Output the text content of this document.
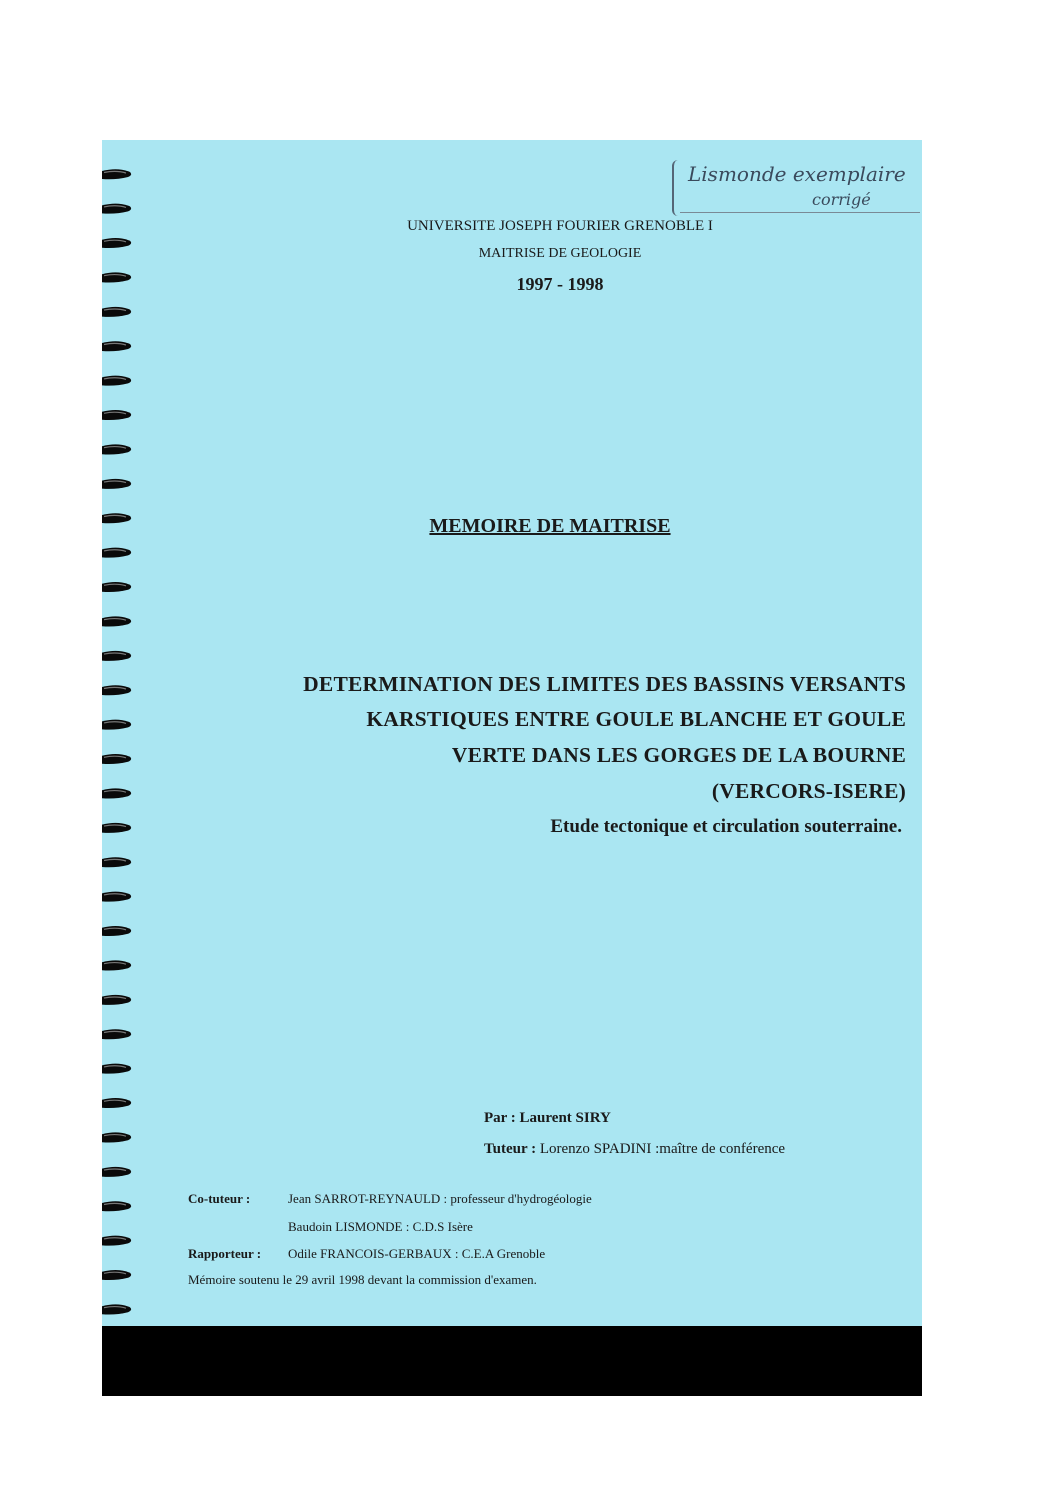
Lismonde exemplaire
corrigé
UNIVERSITE JOSEPH FOURIER GRENOBLE I
MAITRISE DE GEOLOGIE
1997 - 1998
MEMOIRE DE MAITRISE
DETERMINATION DES LIMITES DES BASSINS VERSANTS
KARSTIQUES ENTRE GOULE BLANCHE ET GOULE
VERTE DANS LES GORGES DE LA BOURNE
(VERCORS-ISERE)
Etude tectonique et circulation souterraine.
Par : Laurent SIRY
Tuteur : Lorenzo SPADINI :maître de conférence
Co-tuteur :	Jean SARROT-REYNAULD : professeur d'hydrogéologie
Baudoin LISMONDE : C.D.S Isère
Rapporteur : Odile FRANCOIS-GERBAUX : C.E.A Grenoble
Mémoire soutenu le 29 avril 1998 devant la commission d'examen.
